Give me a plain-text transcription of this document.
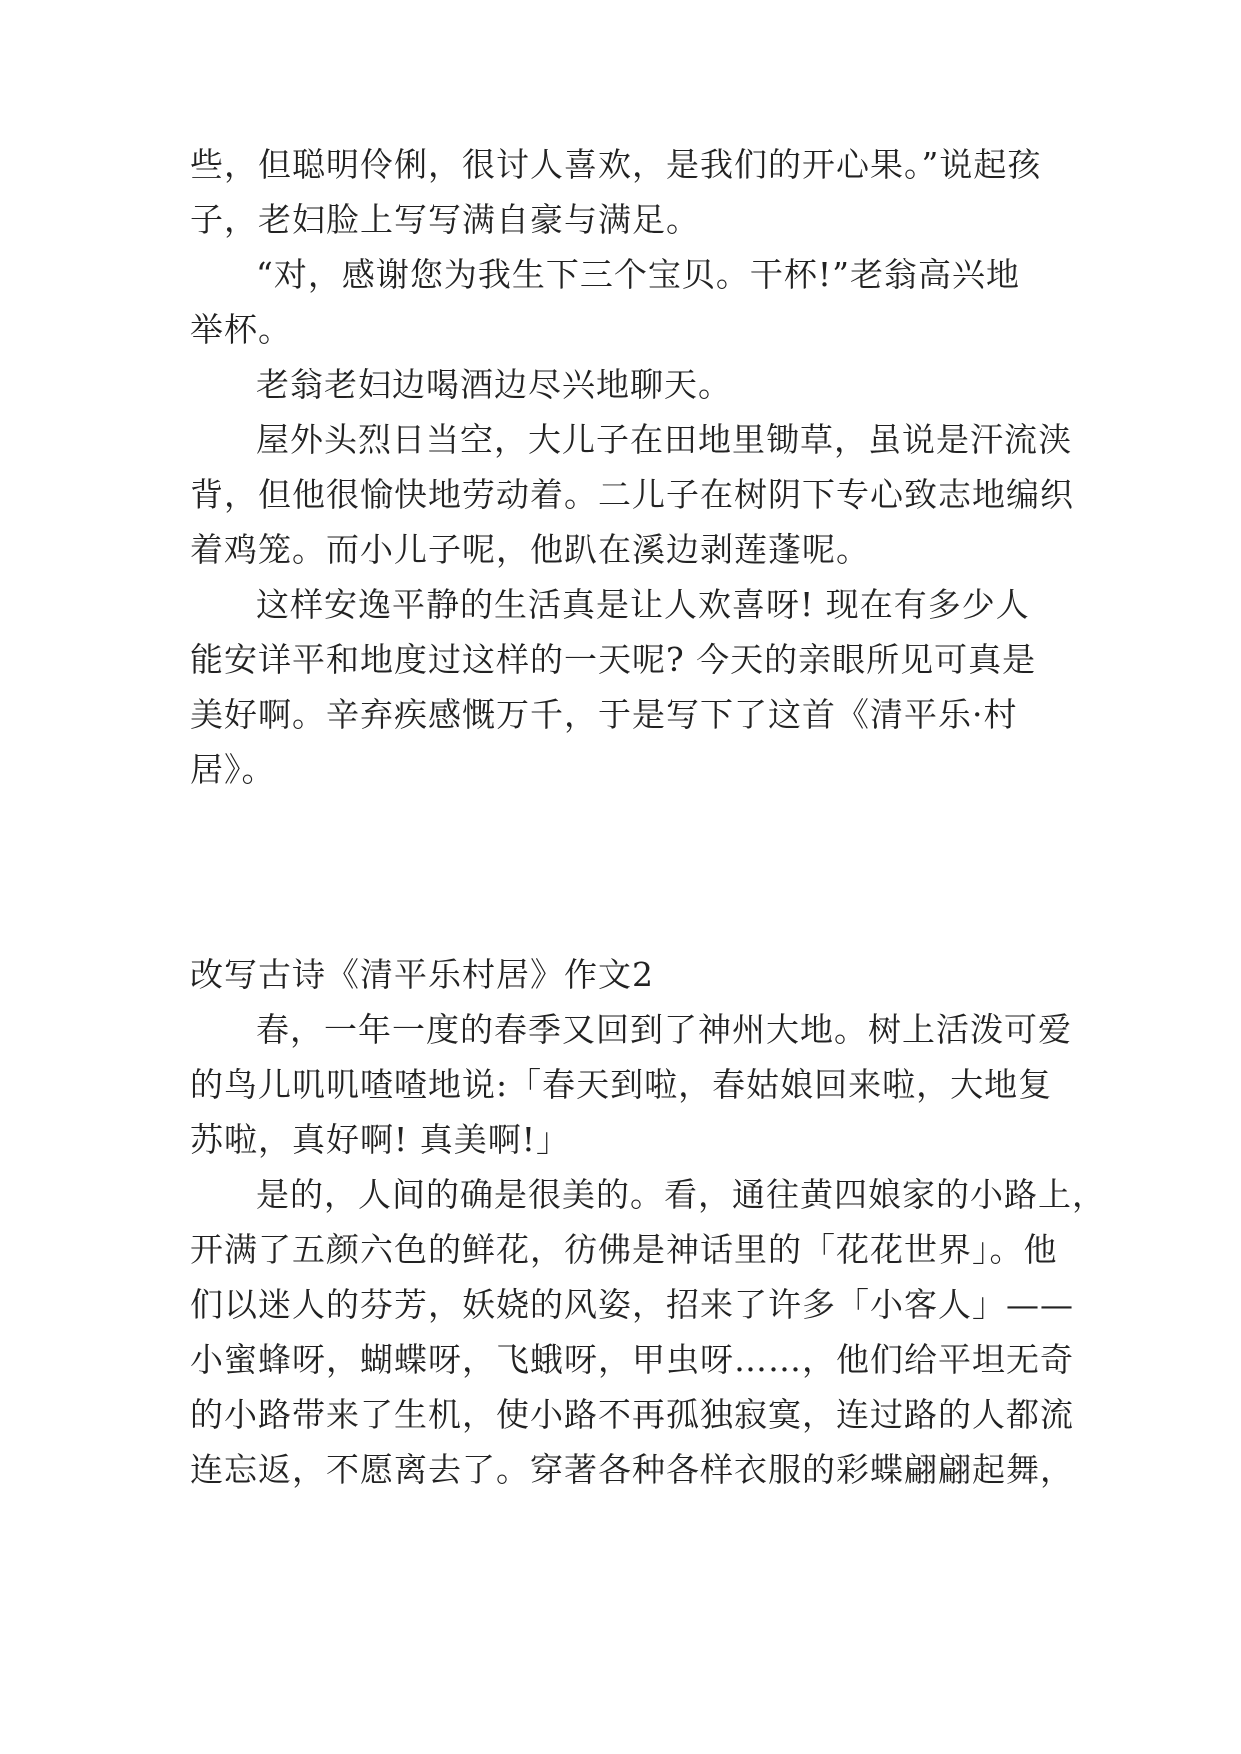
些，但聪明伶俐，很讨人喜欢，是我们的开心果。”说起孩
子，老妇脸上写写满自豪与满足。
“对，感谢您为我生下三个宝贝。干杯!”老翁高兴地
举杯。
老翁老妇边喝酒边尽兴地聊天。
屋外头烈日当空，大儿子在田地里锄草，虽说是汗流浃
背，但他很愉快地劳动着。二儿子在树阴下专心致志地编织
着鸡笼。而小儿子呢，他趴在溪边剥莲蓬呢。
这样安逸平静的生活真是让人欢喜呀! 现在有多少人
能安详平和地度过这样的一天呢? 今天的亲眼所见可真是
美好啊。辛弃疾感慨万千，于是写下了这首《清平乐·村
居》。
改写古诗《清平乐村居》作文2
春，一年一度的春季又回到了神州大地。树上活泼可爱
的鸟儿叽叽喳喳地说:「春天到啦，春姑娘回来啦，大地复
苏啦，真好啊! 真美啊!」
是的，人间的确是很美的。看，通往黄四娘家的小路上，
开满了五颜六色的鲜花，彷佛是神话里的「花花世界」。他
们以迷人的芬芳，妖娆的风姿，招来了许多「小客人」——
小蜜蜂呀，蝴蝶呀，飞蛾呀，甲虫呀……，他们给平坦无奇
的小路带来了生机，使小路不再孤独寂寞，连过路的人都流
连忘返，不愿离去了。穿著各种各样衣服的彩蝶翩翩起舞，
